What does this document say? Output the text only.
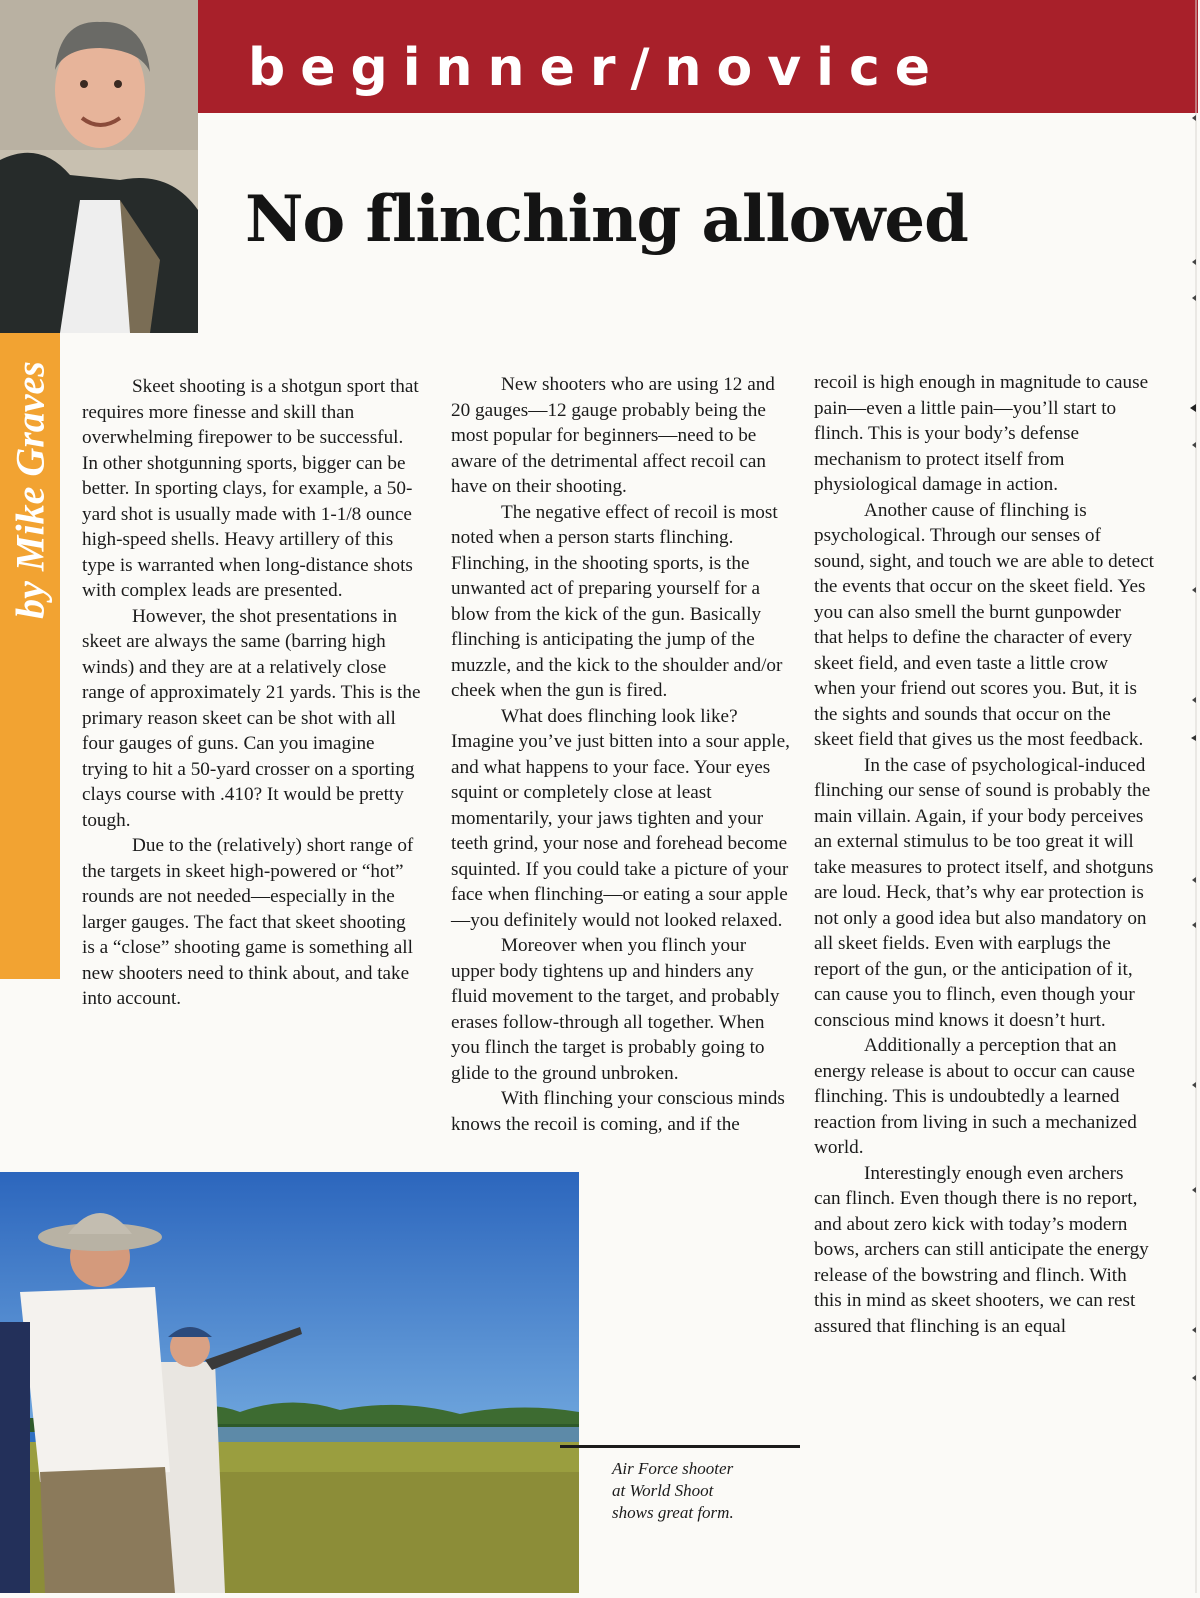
beginner/novice
No flinching allowed
by Mike Graves	Skeet shooting is a shotgun sport that requires more finesse and skill than overwhelming firepower to be successful. In other shotgunning sports, bigger can be better. In sporting clays, for example, a 50-yard shot is usually made with 1-1/8 ounce high-speed shells. Heavy artillery of this type is warranted when long-distance shots with complex leads are presented.

However, the shot presentations in skeet are always the same (barring high winds) and they are at a relatively close range of approximately 21 yards. This is the primary reason skeet can be shot with all four gauges of guns. Can you imagine trying to hit a 50-yard crosser on a sporting clays course with .410? It would be pretty tough.

Due to the (relatively) short range of the targets in skeet high-powered or “hot” rounds are not needed—especially in the larger gauges. The fact that skeet shooting is a “close” shooting game is something all new shooters need to think about, and take into account.

New shooters who are using 12 and 20 gauges—12 gauge probably being the most popular for beginners—need to be aware of the detrimental affect recoil can have on their shooting.

The negative effect of recoil is most noted when a person starts flinching. Flinching, in the shooting sports, is the unwanted act of preparing yourself for a blow from the kick of the gun. Basically flinching is anticipating the jump of the muzzle, and the kick to the shoulder and/or cheek when the gun is fired.

What does flinching look like? Imagine you’ve just bitten into a sour apple, and what happens to your face. Your eyes squint or completely close at least momentarily, your jaws tighten and your teeth grind, your nose and forehead become squinted. If you could take a picture of your face when flinching—or eating a sour apple—you definitely would not looked relaxed.

Moreover when you flinch your upper body tightens up and hinders any fluid movement to the target, and probably erases follow-through all together. When you flinch the target is probably going to glide to the ground unbroken.

With flinching your conscious minds knows the recoil is coming, and if the

recoil is high enough in magnitude to cause pain—even a little pain—you’ll start to flinch. This is your body’s defense mechanism to protect itself from physiological damage in action.

Another cause of flinching is psychological. Through our senses of sound, sight, and touch we are able to detect the events that occur on the skeet field. Yes you can also smell the burnt gunpowder that helps to define the character of every skeet field, and even taste a little crow when your friend out scores you. But, it is the sights and sounds that occur on the skeet field that gives us the most feedback.

In the case of psychological-induced flinching our sense of sound is probably the main villain. Again, if your body perceives an external stimulus to be too great it will take measures to protect itself, and shotguns are loud. Heck, that’s why ear protection is not only a good idea but also mandatory on all skeet fields. Even with earplugs the report of the gun, or the anticipation of it, can cause you to flinch, even though your conscious mind knows it doesn’t hurt.

Additionally a perception that an energy release is about to occur can cause flinching. This is undoubtedly a learned reaction from living in such a mechanized world.

Interestingly enough even archers can flinch. Even though there is no report, and about zero kick with today’s modern bows, archers can still anticipate the energy release of the bowstring and flinch. With this in mind as skeet shooters, we can rest assured that flinching is an equal

Air Force shooter
at World Shoot
shows great form.
